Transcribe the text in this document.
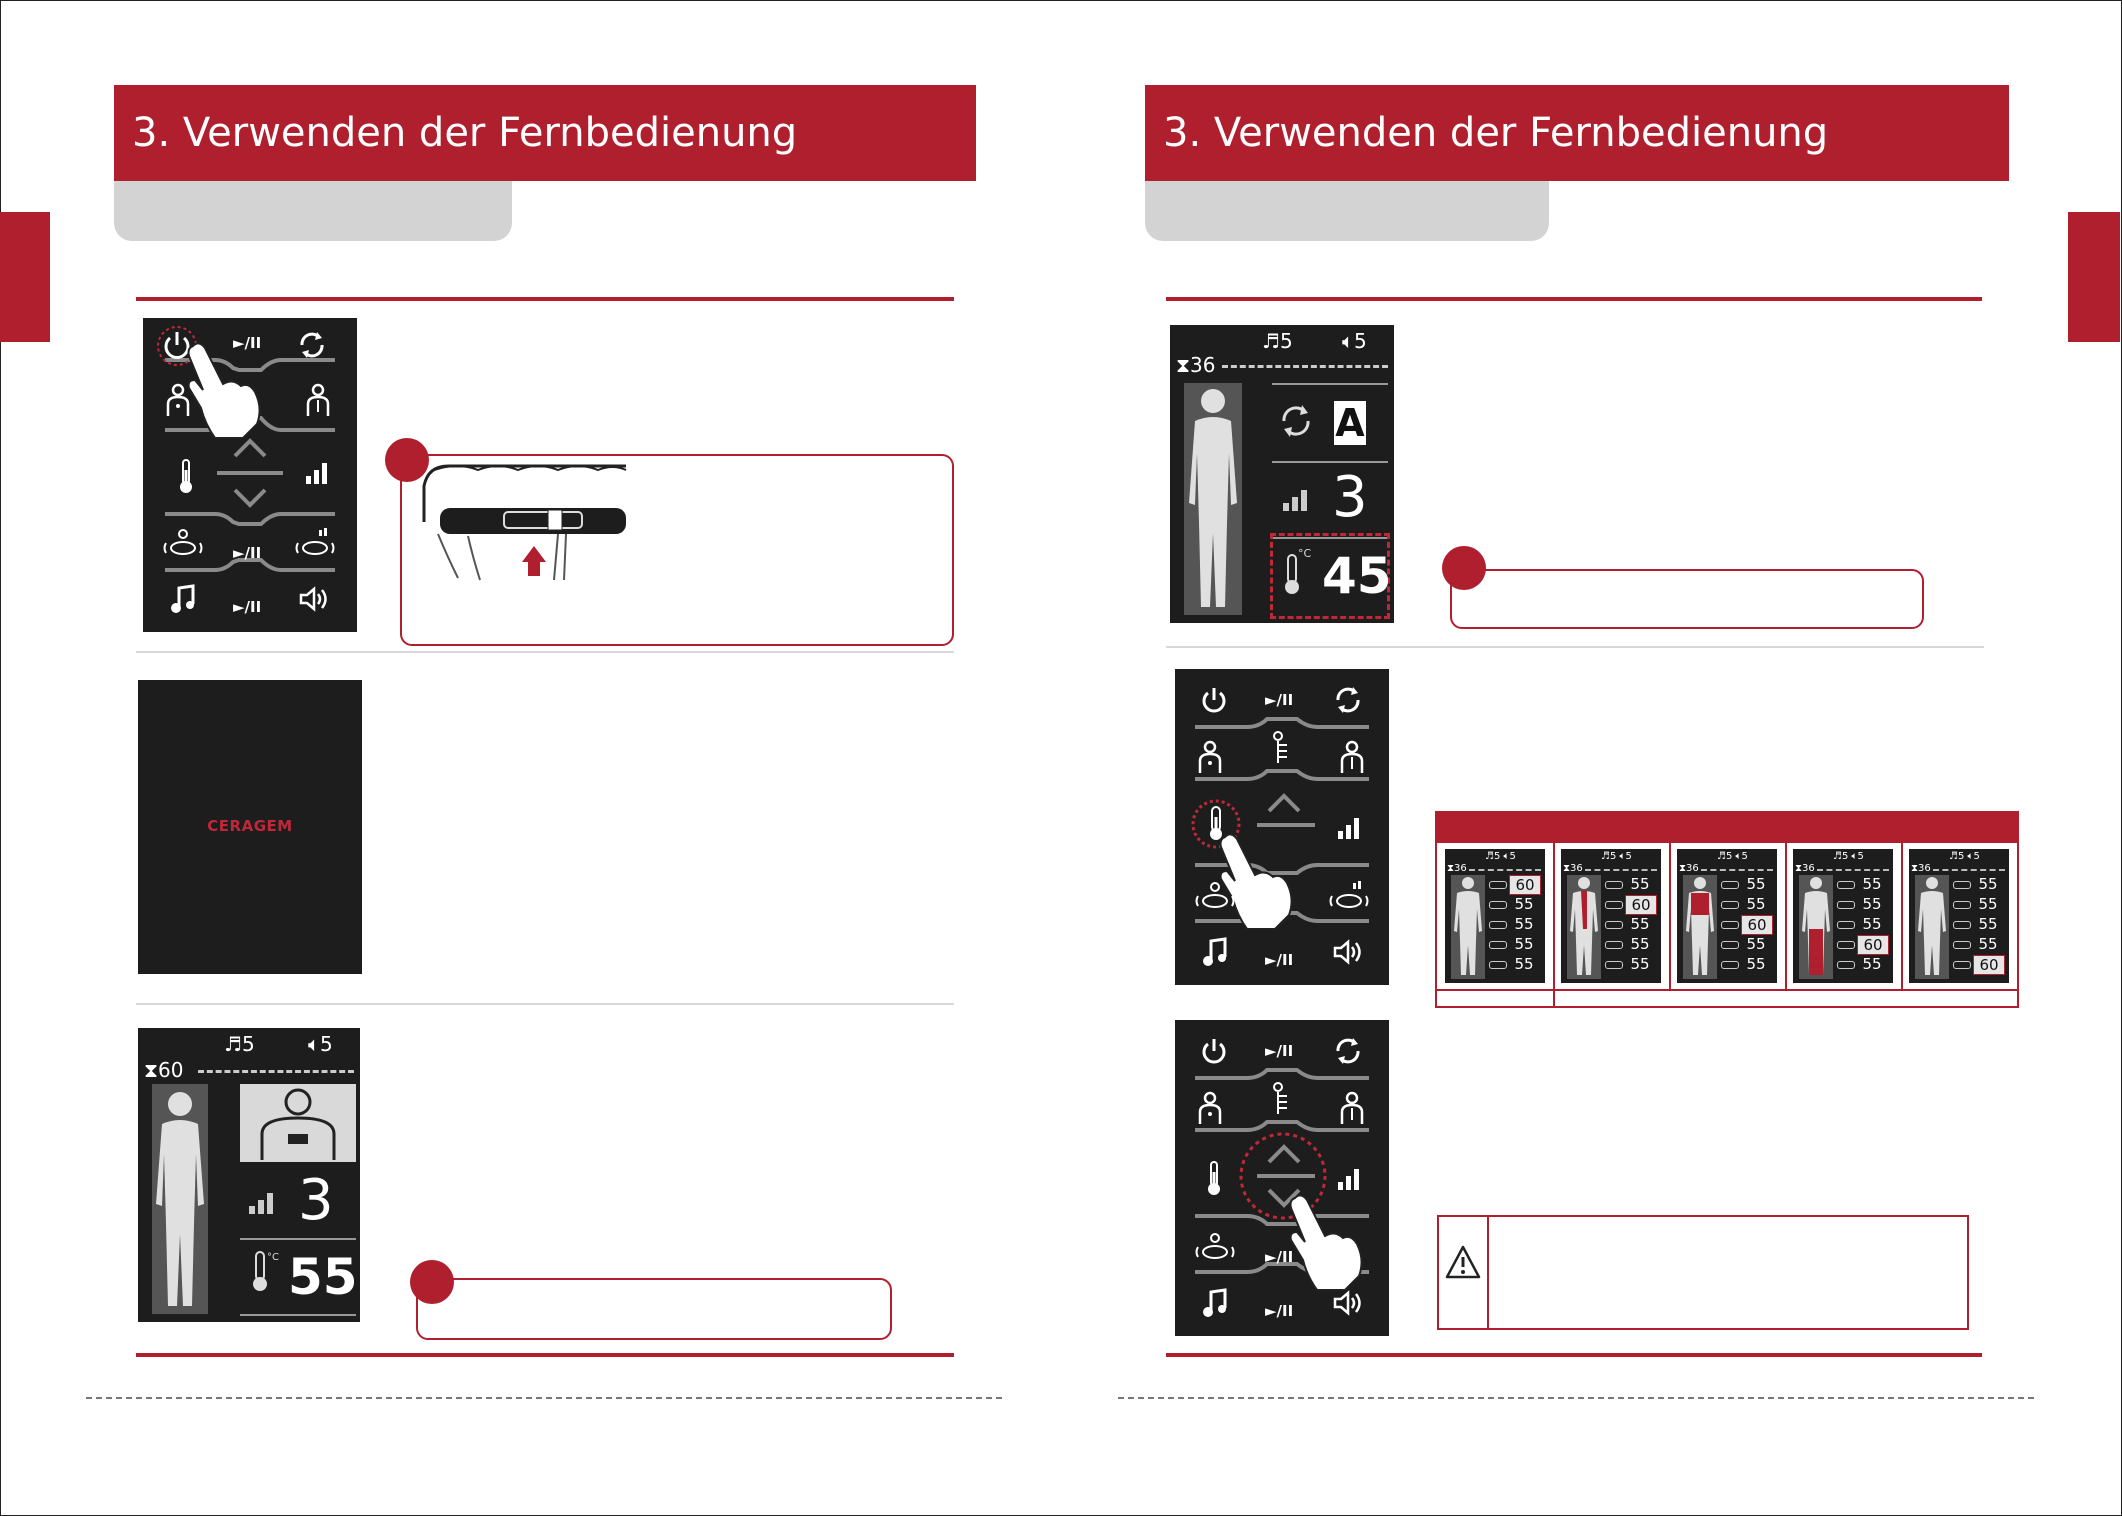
3. Verwenden der Fernbedienung
►/II
►/II
►/II
CERAGEM
♬5	🔈︎5
⧗60
3
°C 55
3. Verwenden der Fernbedienung
♬5 🔈︎5
⧗36
A
3
°C 45
►/II
►/II
♬5 🔈︎5
⧗36
60
55
55
55
55
♬5 🔈︎5
⧗36
55
60
55
55
55
♬5 🔈︎5
⧗36
55
55
60
55
55
♬5 🔈︎5
⧗36
55
55
55
60
55
♬5 🔈︎5
⧗36
55
55
55
55
60
►/II
►/II
►/II
